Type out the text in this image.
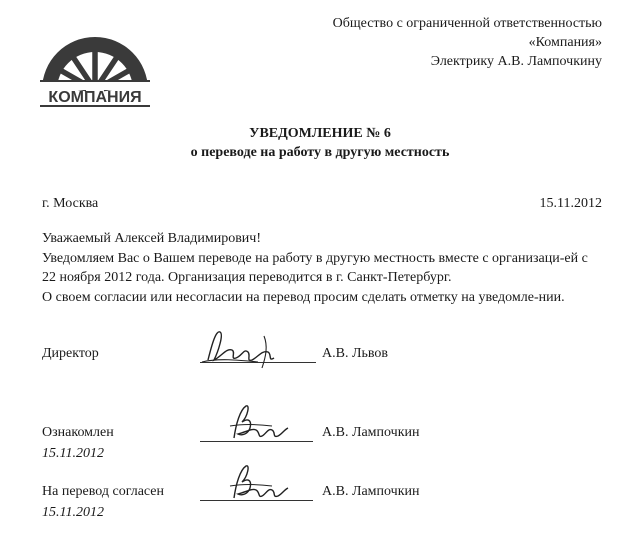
Общество с ограниченной ответственностью
«Компания»
Электрику А.В. Лампочкину
КОМПАНИЯ
УВЕДОМЛЕНИЕ № 6
о переводе на работу в другую местность
г. Москва	15.11.2012

Уважаемый Алексей Владимирович!

Уведомляем Вас о Вашем переводе на работу в другую местность вместе с организаци-ей с 22 ноября 2012 года. Организация переводится в г. Санкт-Петербург.

О своем согласии или несогласии на перевод просим сделать отметку на уведомле-нии.

Директор	А.В. Львов
Ознакомлен	А.В. Лампочкин
15.11.2012
На перевод согласен	А.В. Лампочкин
15.11.2012
